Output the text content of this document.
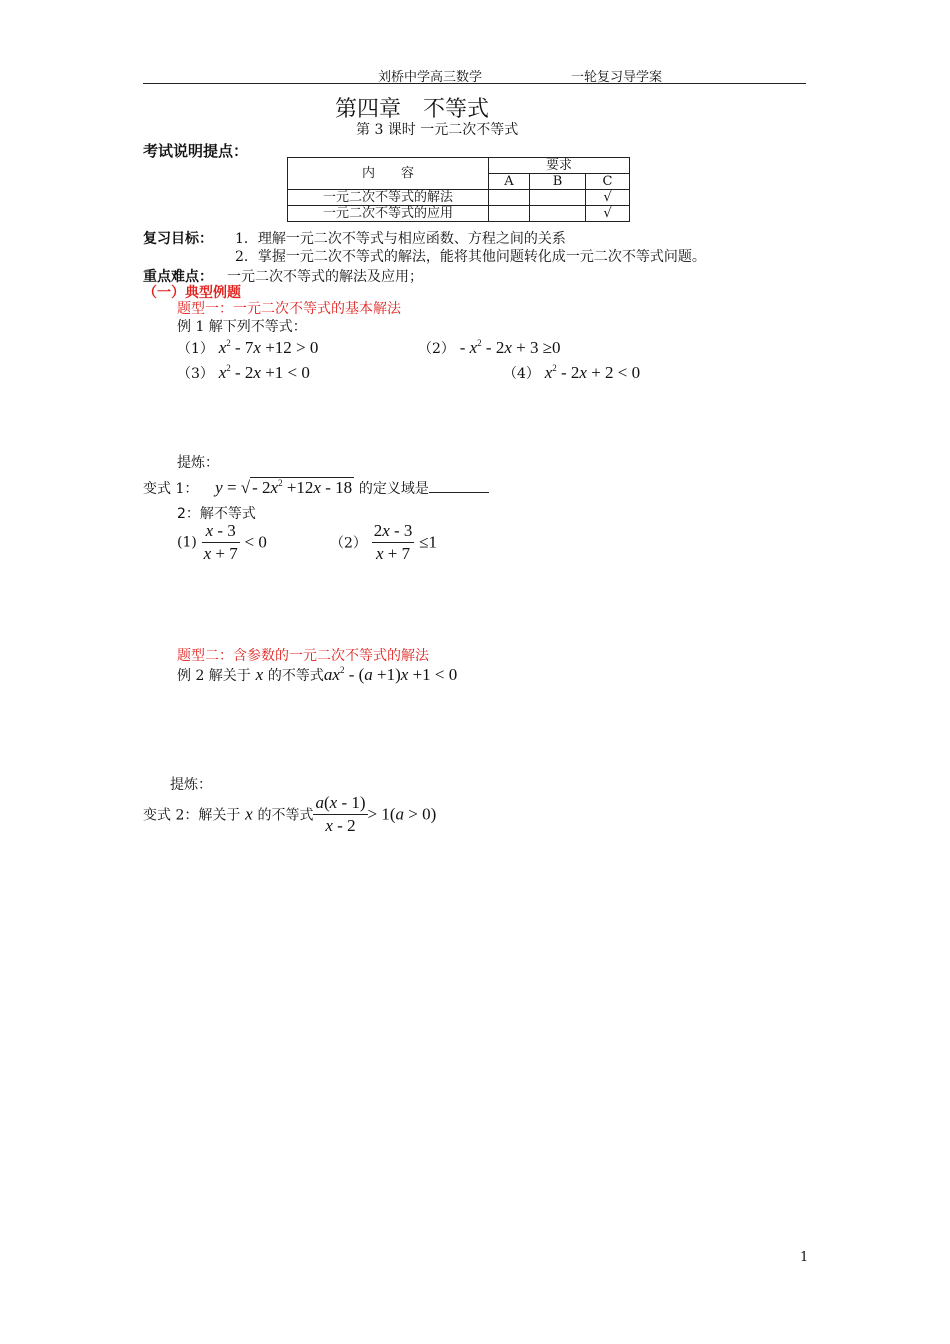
刘桥中学高三数学	一轮复习导学案
第四章　不等式
第 3 课时 一元二次不等式
考试说明提点：
内　　容	要求		
	A	B	C
一元二次不等式的解法			√
一元二次不等式的应用			√
复习目标： 1．理解一元二次不等式与相应函数、方程之间的关系
2．掌握一元二次不等式的解法，能将其他问题转化成一元二次不等式问题。
重点难点： 一元二次不等式的解法及应用；
（一）典型例题
题型一：一元二次不等式的基本解法
例 1 解下列不等式：
（1） $x^2 - 7x +12 > 0$	$(2) - x^2 - 2x + 3 \ge 0$
（3） $x^2 - 2x +1 < 0$	（4） $x^2 - 2x + 2 < 0$
提炼：
变式 1： y = √ - $2x^2 +12x - 18$ 的定义域是
2：解不等式
$(1) \frac{x - 3}{x + 7} < 0$	$(2) \frac{2x - 3}{x + 7} \le 1$
题型二：含参数的一元二次不等式的解法
例 2 解关于 x 的不等式$ax^2 - (a +1)x +1 < 0$
提炼：
变式 2：解关于 x 的不等式 $\frac{a(x - 1)}{x - 2} > 1(a > 0)$
1
